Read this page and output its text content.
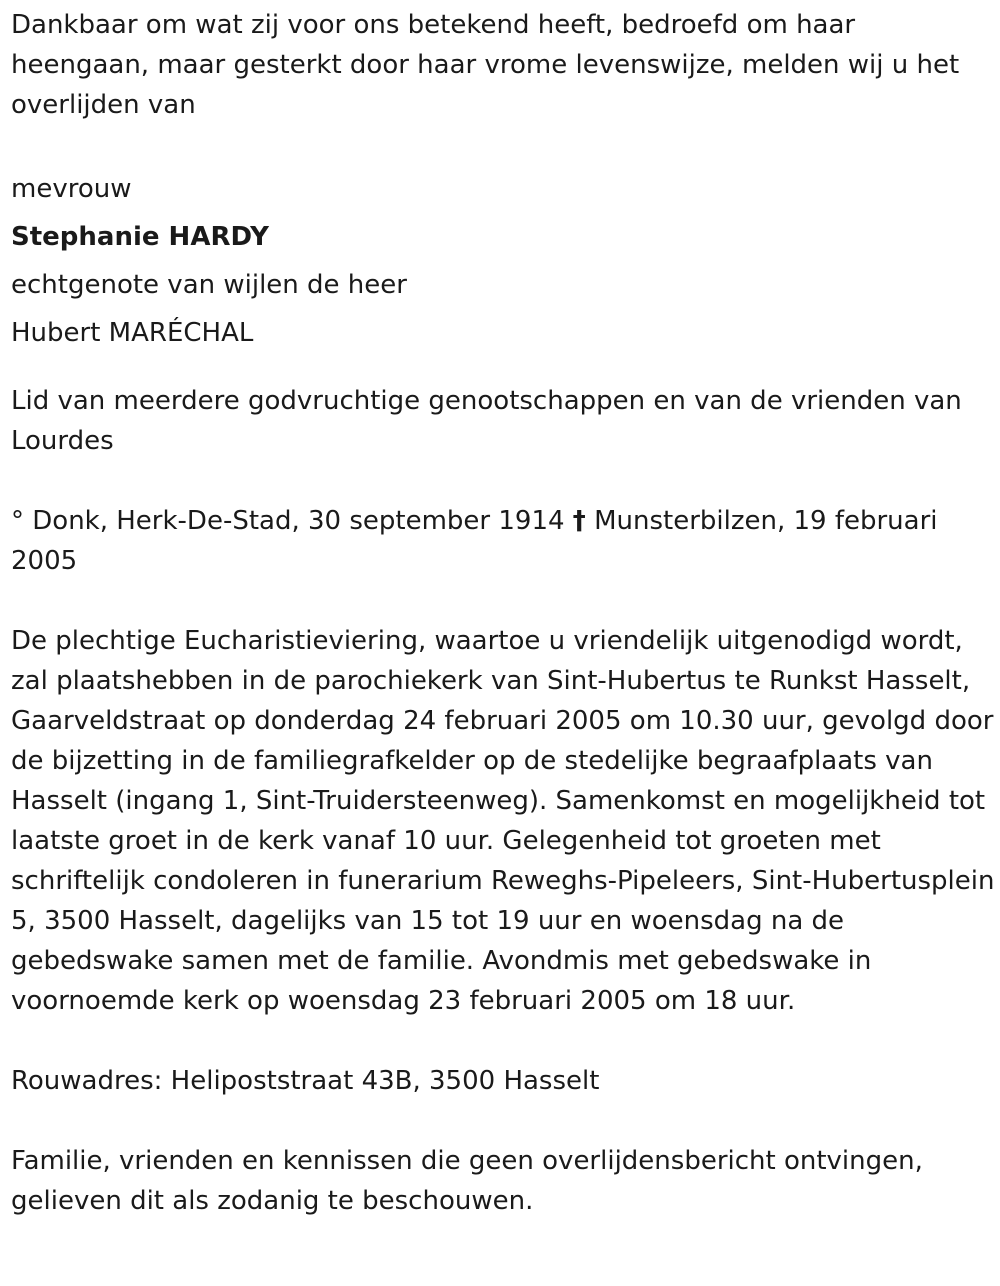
Dankbaar om wat zij voor ons betekend heeft, bedroefd om haar heengaan, maar gesterkt door haar vrome levenswijze, melden wij u het overlijden van

mevrouw
Stephanie HARDY
echtgenote van wijlen de heer
Hubert MARÉCHAL

Lid van meerdere godvruchtige genootschappen en van de vrienden van Lourdes

° Donk, Herk-De-Stad, 30 september 1914 † Munsterbilzen, 19 februari 2005

De plechtige Eucharistieviering, waartoe u vriendelijk uitgenodigd wordt, zal plaatshebben in de parochiekerk van Sint-Hubertus te Runkst Hasselt, Gaarveldstraat op donderdag 24 februari 2005 om 10.30 uur, gevolgd door de bijzetting in de familiegrafkelder op de stedelijke begraafplaats van Hasselt (ingang 1, Sint-Truidersteenweg). Samenkomst en mogelijkheid tot laatste groet in de kerk vanaf 10 uur. Gelegenheid tot groeten met schriftelijk condoleren in funerarium Reweghs-Pipeleers, Sint-Hubertusplein 5, 3500 Hasselt, dagelijks van 15 tot 19 uur en woensdag na de gebedswake samen met de familie. Avondmis met gebedswake in voornoemde kerk op woensdag 23 februari 2005 om 18 uur.

Rouwadres: Helipoststraat 43B, 3500 Hasselt

Familie, vrienden en kennissen die geen overlijdensbericht ontvingen, gelieven dit als zodanig te beschouwen.
